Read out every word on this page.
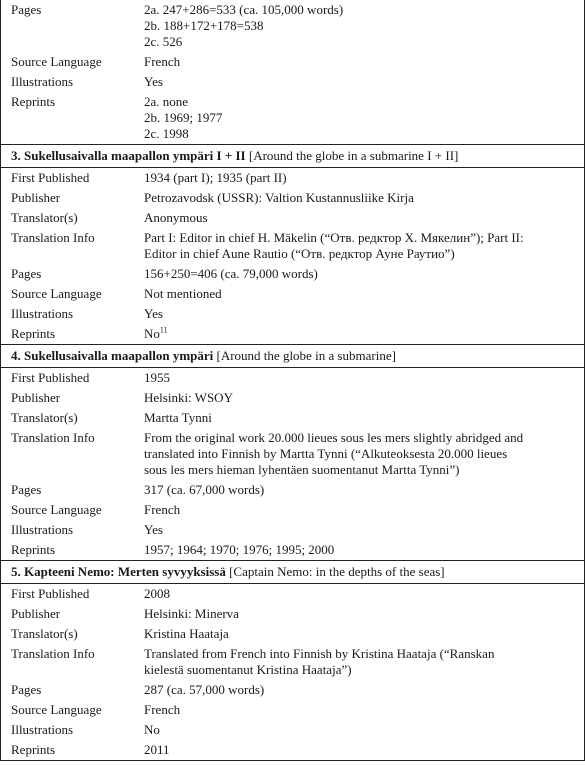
Pages	2a. 247+286=533 (ca. 105,000 words)
2b. 188+172+178=538
2c. 526
Source Language	French
Illustrations	Yes
Reprints	2a. none
2b. 1969; 1977
2c. 1998
3. Sukellusaivalla maapallon ympäri I + II [Around the globe in a submarine I + II]
First Published	1934 (part I); 1935 (part II)
Publisher	Petrozavodsk (USSR): Valtion Kustannusliike Kirja
Translator(s)	Anonymous
Translation Info	Part I: Editor in chief H. Mäkelin (“Отв. редктор Х. Мякелин”); Part II:
Editor in chief Aune Rautio (“Отв. редктор Ауне Раутио”)
Pages	156+250=406 (ca. 79,000 words)
Source Language	Not mentioned
Illustrations	Yes
Reprints	No$^{11}$
4. Sukellusaivalla maapallon ympäri [Around the globe in a submarine]
First Published	1955
Publisher	Helsinki: WSOY
Translator(s)	Martta Tynni
Translation Info	From the original work 20.000 lieues sous les mers slightly abridged and
translated into Finnish by Martta Tynni (“Alkuteoksesta 20.000 lieues
sous les mers hieman lyhentäen suomentanut Martta Tynni”)
Pages	317 (ca. 67,000 words)
Source Language	French
Illustrations	Yes
Reprints	1957; 1964; 1970; 1976; 1995; 2000
5. Kapteeni Nemo: Merten syvyyksissä [Captain Nemo: in the depths of the seas]
First Published	2008
Publisher	Helsinki: Minerva
Translator(s)	Kristina Haataja
Translation Info	Translated from French into Finnish by Kristina Haataja (“Ranskan
kielestä suomentanut Kristina Haataja”)
Pages	287 (ca. 57,000 words)
Source Language	French
Illustrations	No
Reprints	2011
